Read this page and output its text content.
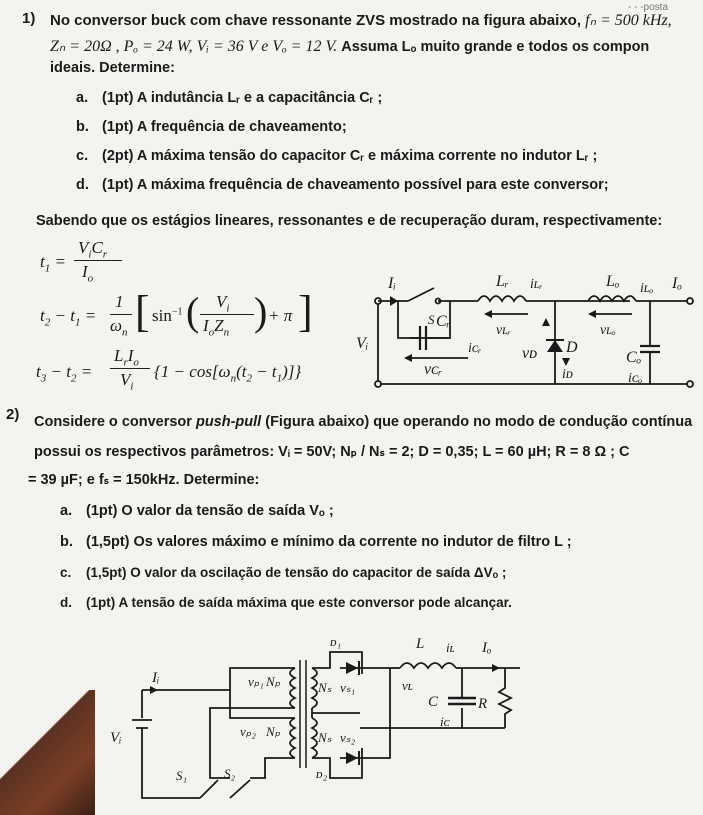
- - -posta
1) No conversor buck com chave ressonante ZVS mostrado na figura abaixo, fₙ = 500 kHz,
Zₙ = 20Ω , Pₒ = 24 W, Vᵢ = 36 V e Vₒ = 12 V. Assuma Lₒ muito grande e todos os compon
ideais. Determine:
a. (1pt) A indutância Lᵣ e a capacitância Cᵣ ;
b. (1pt) A frequência de chaveamento;
c. (2pt) A máxima tensão do capacitor Cᵣ e máxima corrente no indutor Lᵣ ;
d. (1pt) A máxima frequência de chaveamento possível para este conversor;
Sabendo que os estágios lineares, ressonantes e de recuperação duram, respectivamente:
$t_1$ =
$V_iC_r$
$I_o$
$t_2 - t_1$ =
1
$\omega_n$ [ $\sin^{-1}$ ( $V_i$
$I_oZ_n$ ) + π ]
$t_3 - t_2$ =
$L_rI_o$
$V_i$
$\{1 - \cos[\omega_n(t_2 - t_1)]\}$
Iᵢ
Vᵢ
S Cᵣ
vᴄᵣ
Lᵣ iʟᵣ
vʟᵣ
iᴄᵣ	vᴅ D
iᴅ
Lₒ iʟₒ Iₒ
vʟₒ
Cₒ
iᴄₒ
2) Considere o conversor push-pull (Figura abaixo) que operando no modo de condução contínua
possui os respectivos parâmetros: Vᵢ = 50V; Nₚ / Nₛ = 2; D = 0,35; L = 60 µH; R = 8 Ω ; C
= 39 µF; e fₛ = 150kHz. Determine:
a. (1pt) O valor da tensão de saída Vₒ ;
b. (1,5pt) Os valores máximo e mínimo da corrente no indutor de filtro L ;
c. (1,5pt) O valor da oscilação de tensão do capacitor de saída ΔVₒ ;
d. (1pt) A tensão de saída máxima que este conversor pode alcançar.
Iᵢ
Vᵢ
vₚ₁ Nₚ
vₚ₂ Nₚ
Nₛ vₛ₁
Nₛ vₛ₂
ᴅ₁
ᴅ₂
L iʟ
vʟ
Iₒ
C	R
iᴄ
S₁	S₂
